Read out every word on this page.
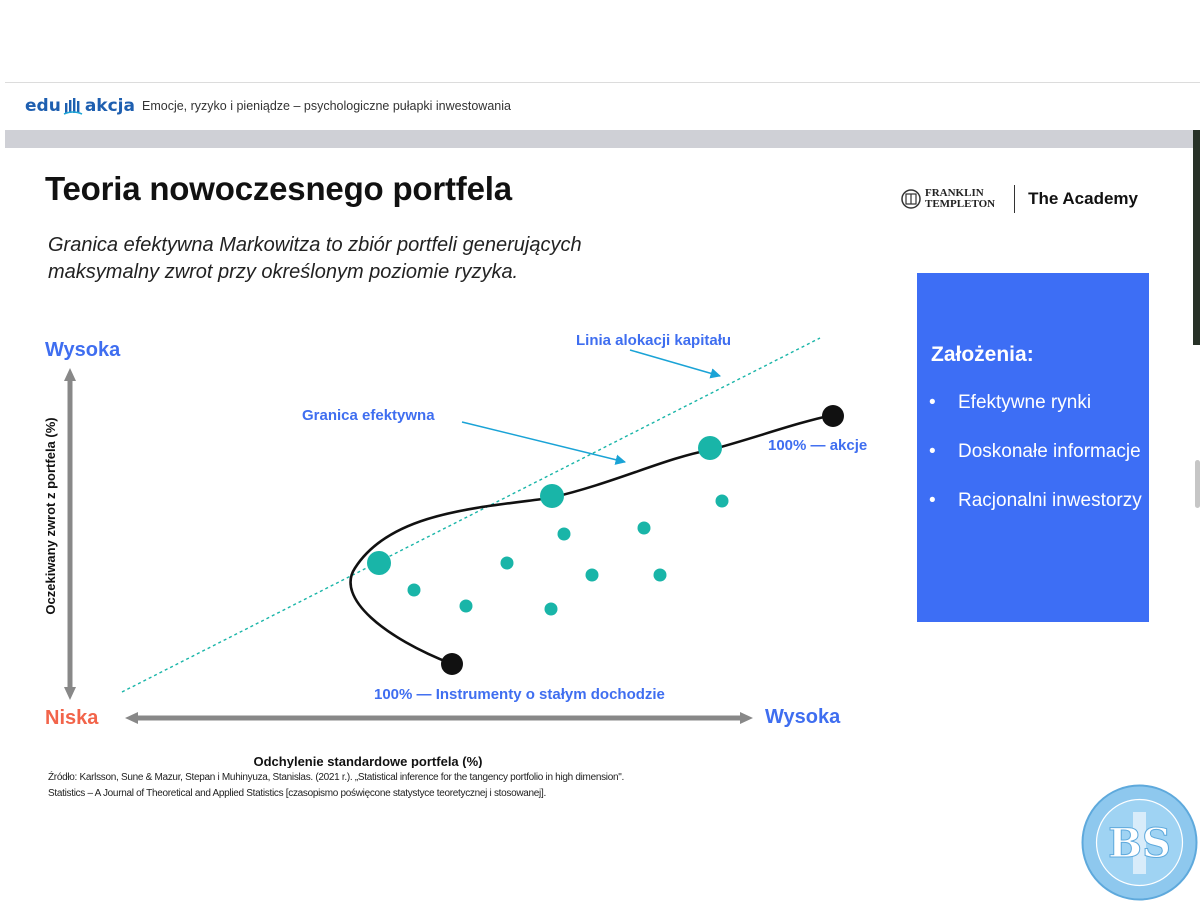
edu akcja Emocje, ryzyko i pieniądze – psychologiczne pułapki inwestowania
Teoria nowoczesnego portfela
Granica efektywna Markowitza to zbiór portfeli generujących maksymalny zwrot przy określonym poziomie ryzyka.
FRANKLIN
TEMPLETON The Academy
Wysoka
Niska	Wysoka
Oczekiwany zwrot z portfela (%)
Odchylenie standardowe portfela (%)
Linia alokacji kapitału
Granica efektywna
100% — akcje
100% — Instrumenty o stałym dochodzie
Założenia:
• Efektywne rynki
• Doskonałe informacje
• Racjonalni inwestorzy
Źródło: Karlsson, Sune & Mazur, Stepan i Muhinyuza, Stanislas. (2021 r.). „Statistical inference for the tangency portfolio in high dimension".
Statistics – A Journal of Theoretical and Applied Statistics [czasopismo poświęcone statystyce teoretycznej i stosowanej].
BS
